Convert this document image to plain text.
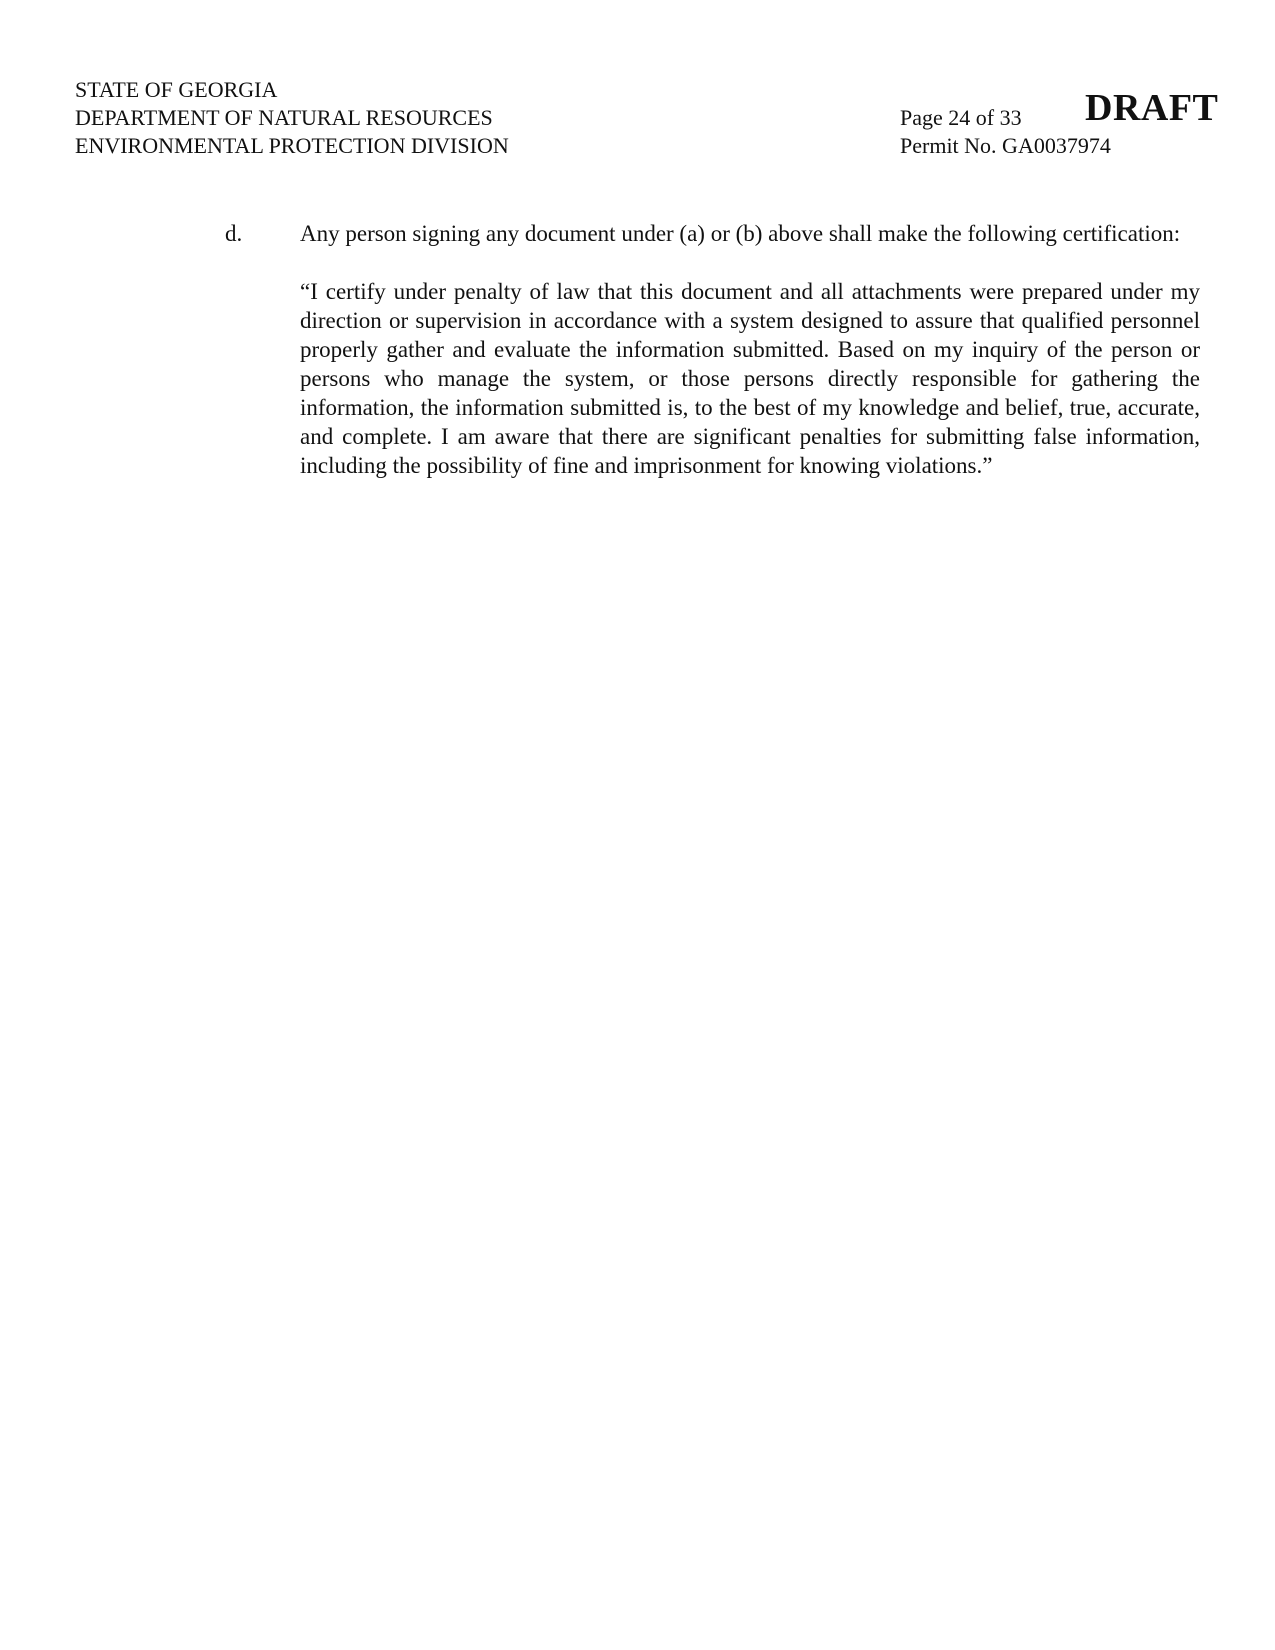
STATE OF GEORGIA
DEPARTMENT OF NATURAL RESOURCES
ENVIRONMENTAL PROTECTION DIVISION
Page 24 of 33
Permit No. GA0037974
DRAFT
d.	Any person signing any document under (a) or (b) above shall make the following certification:

“I certify under penalty of law that this document and all attachments were prepared under my direction or supervision in accordance with a system designed to assure that qualified personnel properly gather and evaluate the information submitted. Based on my inquiry of the person or persons who manage the system, or those persons directly responsible for gathering the information, the information submitted is, to the best of my knowledge and belief, true, accurate, and complete. I am aware that there are significant penalties for submitting false information, including the possibility of fine and imprisonment for knowing violations.”
